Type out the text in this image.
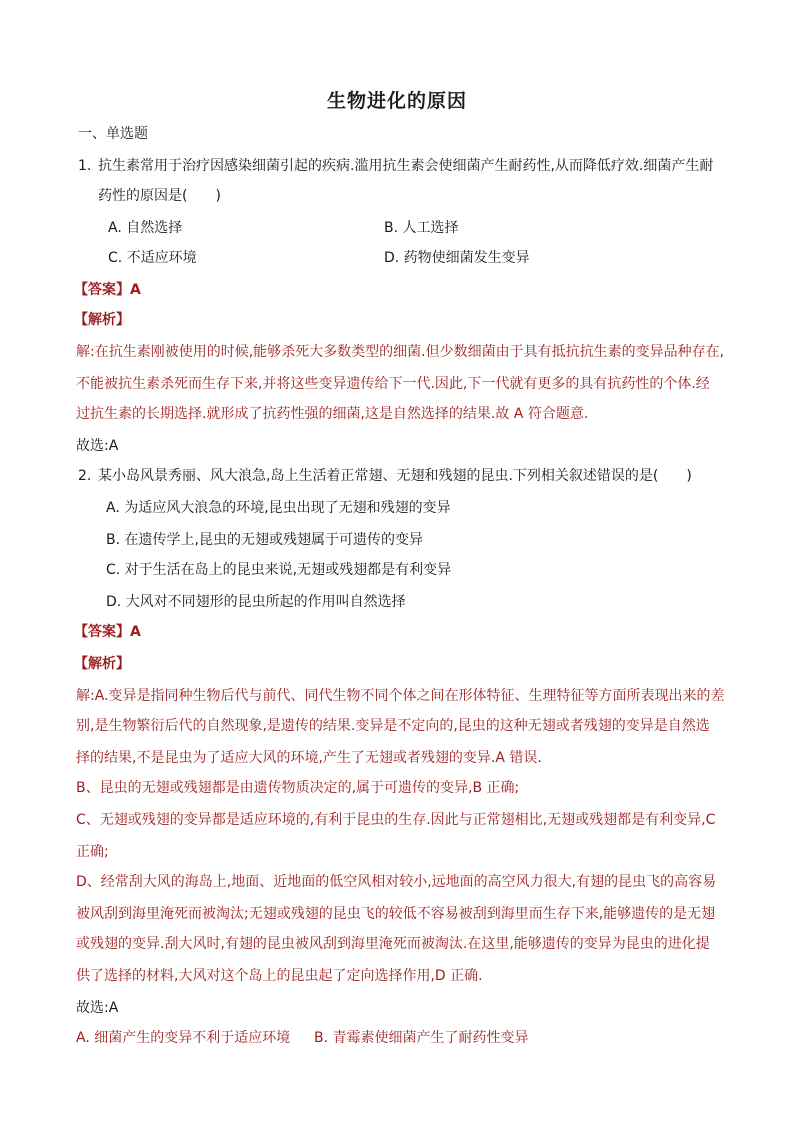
生物进化的原因
一、单选题
1. 抗生素常用于治疗因感染细菌引起的疾病.滥用抗生素会使细菌产生耐药性,从而降低疗效.细菌产生耐
药性的原因是(　　)
A. 自然选择	B. 人工选择
C. 不适应环境	D. 药物使细菌发生变异
【答案】A
【解析】
解:在抗生素刚被使用的时候,能够杀死大多数类型的细菌.但少数细菌由于具有抵抗抗生素的变异品种存在,
不能被抗生素杀死而生存下来,并将这些变异遗传给下一代.因此,下一代就有更多的具有抗药性的个体.经
过抗生素的长期选择.就形成了抗药性强的细菌,这是自然选择的结果.故 A 符合题意.
故选:A
2. 某小岛风景秀丽、风大浪急,岛上生活着正常翅、无翅和残翅的昆虫.下列相关叙述错误的是(　　)
A. 为适应风大浪急的环境,昆虫出现了无翅和残翅的变异
B. 在遗传学上,昆虫的无翅或残翅属于可遗传的变异
C. 对于生活在岛上的昆虫来说,无翅或残翅都是有利变异
D. 大风对不同翅形的昆虫所起的作用叫自然选择
【答案】A
【解析】
解:A.变异是指同种生物后代与前代、同代生物不同个体之间在形体特征、生理特征等方面所表现出来的差
别,是生物繁衍后代的自然现象,是遗传的结果.变异是不定向的,昆虫的这种无翅或者残翅的变异是自然选
择的结果,不是昆虫为了适应大风的环境,产生了无翅或者残翅的变异.A 错误.
B、昆虫的无翅或残翅都是由遗传物质决定的,属于可遗传的变异,B 正确;
C、无翅或残翅的变异都是适应环境的,有利于昆虫的生存.因此与正常翅相比,无翅或残翅都是有利变异,C
正确;
D、经常刮大风的海岛上,地面、近地面的低空风相对较小,远地面的高空风力很大,有翅的昆虫飞的高容易
被风刮到海里淹死而被淘汰;无翅或残翅的昆虫飞的较低不容易被刮到海里而生存下来,能够遗传的是无翅
或残翅的变异.刮大风时,有翅的昆虫被风刮到海里淹死而被淘汰.在这里,能够遗传的变异为昆虫的进化提
供了选择的材料,大风对这个岛上的昆虫起了定向选择作用,D 正确.
故选:A
A. 细菌产生的变异不利于适应环境 B. 青霉素使细菌产生了耐药性变异
